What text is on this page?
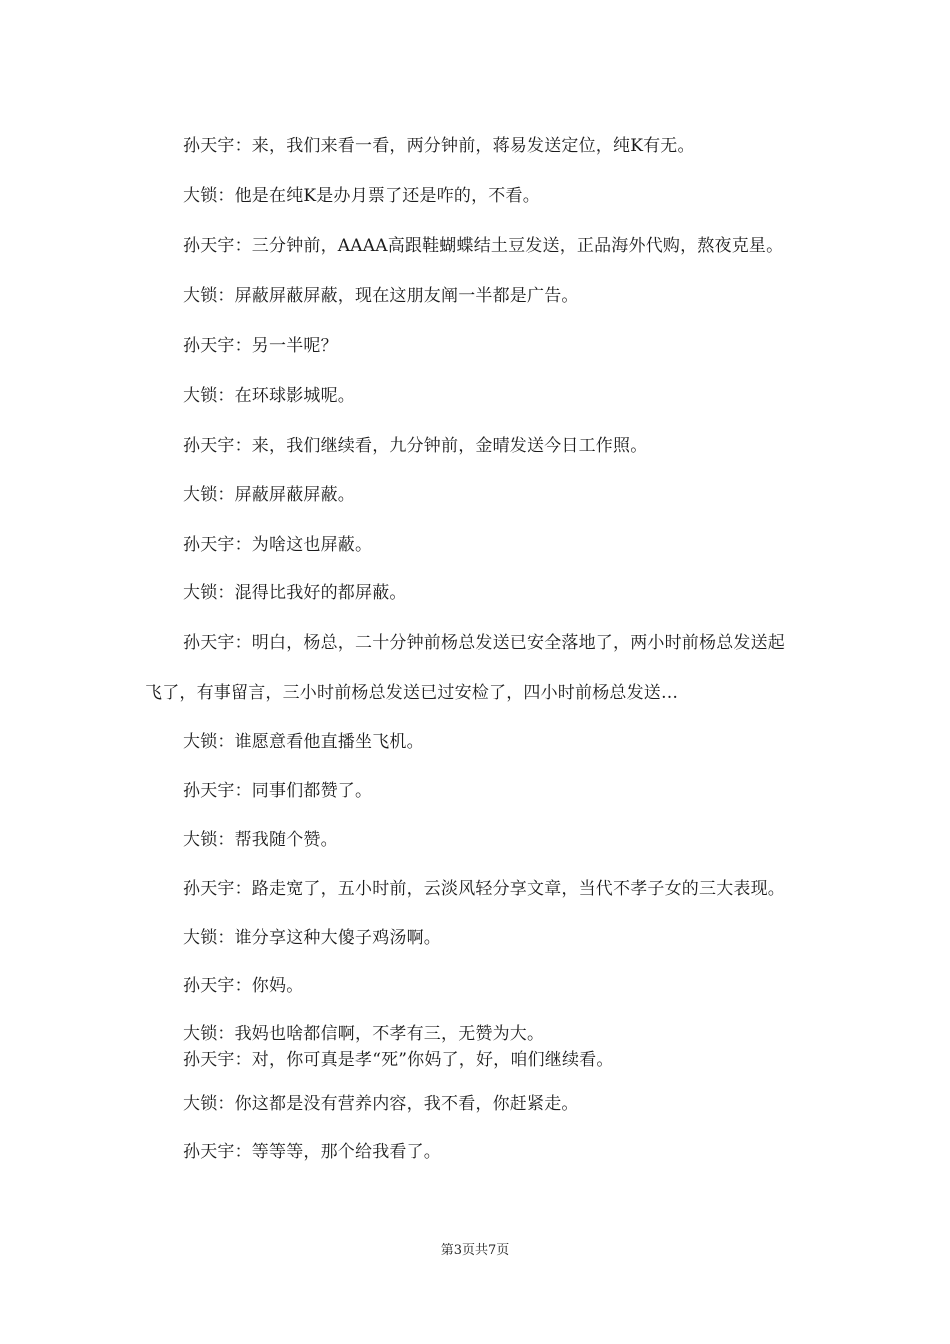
孙天宇：来，我们来看一看，两分钟前，蒋易发送定位，纯K有无。
大锁：他是在纯K是办月票了还是咋的，不看。
孙天宇：三分钟前，AAAA高跟鞋蝴蝶结土豆发送，正品海外代购，熬夜克星。
大锁：屏蔽屏蔽屏蔽，现在这朋友阐一半都是广告。
孙天宇：另一半呢？
大锁：在环球影城呢。
孙天宇：来，我们继续看，九分钟前，金晴发送今日工作照。
大锁：屏蔽屏蔽屏蔽。
孙天宇：为啥这也屏蔽。
大锁：混得比我好的都屏蔽。
孙天宇：明白，杨总，二十分钟前杨总发送已安全落地了，两小时前杨总发送起
飞了，有事留言，三小时前杨总发送已过安检了，四小时前杨总发送…
大锁：谁愿意看他直播坐飞机。
孙天宇：同事们都赞了。
大锁：帮我随个赞。
孙天宇：路走宽了，五小时前，云淡风轻分享文章，当代不孝子女的三大表现。
大锁：谁分享这种大傻子鸡汤啊。
孙天宇：你妈。
大锁：我妈也啥都信啊，不孝有三，无赞为大。
孙天宇：对，你可真是孝“死”你妈了，好，咱们继续看。
大锁：你这都是没有营养内容，我不看，你赶紧走。
孙天宇：等等等，那个给我看了。
第3页共7页
